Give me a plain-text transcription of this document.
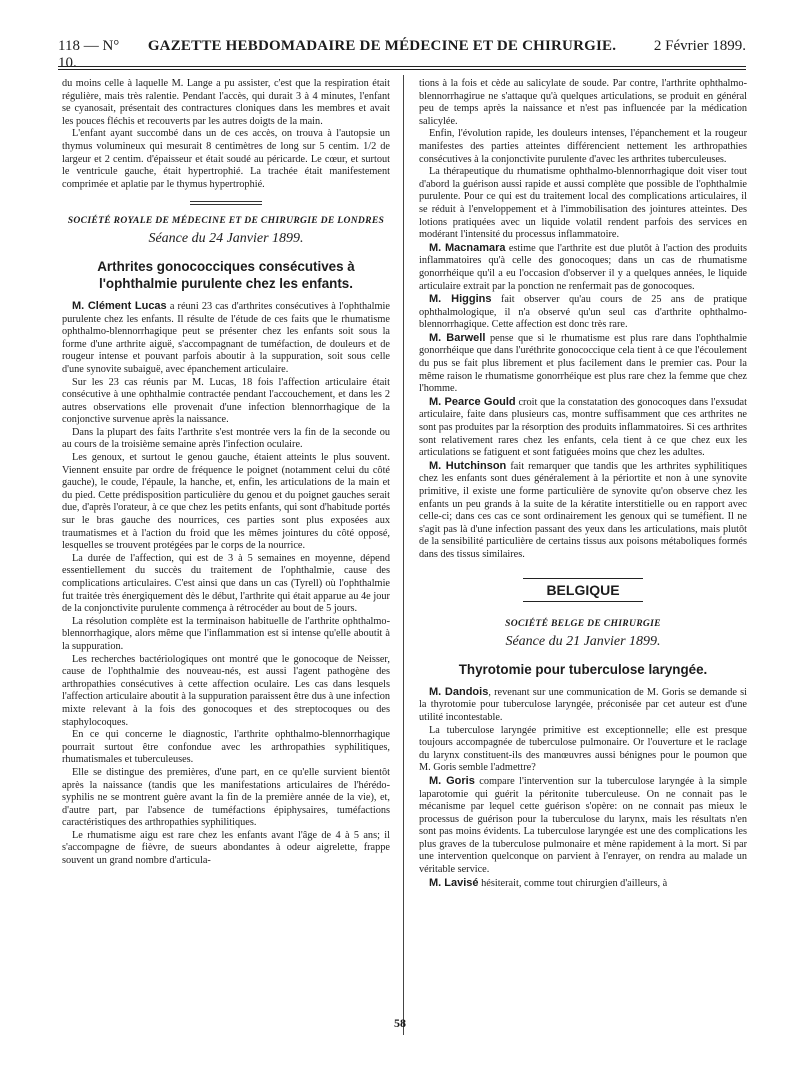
118 — N° 10.
GAZETTE HEBDOMADAIRE DE MÉDECINE ET DE CHIRURGIE.	2 Février 1899.

du moins celle à laquelle M. Lange a pu assister, c'est que la respiration était régulière, mais très ralentie. Pendant l'accès, qui durait 3 à 4 minutes, l'enfant se cyanosait, présentait des contractures cloniques dans les membres et avait les pouces fléchis et recouverts par les autres doigts de la main.

L'enfant ayant succombé dans un de ces accès, on trouva à l'autopsie un thymus volumineux qui mesurait 8 centimètres de long sur 5 centim. 1/2 de largeur et 2 centim. d'épaisseur et était soudé au péricarde. Le cœur, et surtout le ventricule gauche, était hypertrophié. La trachée était manifestement comprimée et aplatie par le thymus hypertrophié.

SOCIÉTÉ ROYALE DE MÉDECINE ET DE CHIRURGIE DE LONDRES
Séance du 24 Janvier 1899.
Arthrites gonococciques consécutives à l'ophthalmie purulente chez les enfants.

M. Clément Lucas a réuni 23 cas d'arthrites consécutives à l'ophthalmie purulente chez les enfants. Il résulte de l'étude de ces faits que le rhumatisme ophthalmo-blennorrhagique peut se présenter chez les enfants soit sous la forme d'une arthrite aiguë, s'accompagnant de tuméfaction, de douleurs et de rougeur intense et pouvant parfois aboutir à la suppuration, soit sous celle d'une synovite subaiguë, avec épanchement articulaire.

Sur les 23 cas réunis par M. Lucas, 18 fois l'affection articulaire était consécutive à une ophthalmie contractée pendant l'accouchement, et dans les 2 autres observations elle provenait d'une infection blennorrhagique de la conjonctive survenue après la naissance.

Dans la plupart des faits l'arthrite s'est montrée vers la fin de la seconde ou au cours de la troisième semaine après l'infection oculaire.

Les genoux, et surtout le genou gauche, étaient atteints le plus souvent. Viennent ensuite par ordre de fréquence le poignet (notamment celui du côté gauche), le coude, l'épaule, la hanche, et, enfin, les articulations de la main et du pied. Cette prédisposition particulière du genou et du poignet gauches serait due, d'après l'orateur, à ce que chez les petits enfants, qui sont d'habitude portés sur le bras gauche des nourrices, ces parties sont plus exposées aux traumatismes et à l'action du froid que les mêmes jointures du côté opposé, lesquelles se trouvent protégées par le corps de la nourrice.

La durée de l'affection, qui est de 3 à 5 semaines en moyenne, dépend essentiellement du succès du traitement de l'ophthalmie, cause des complications articulaires. C'est ainsi que dans un cas (Tyrell) où l'ophthalmie fut traitée très énergiquement dès le début, l'arthrite qui était apparue au 4e jour de la conjonctivite purulente commença à rétrocéder au bout de 5 jours.

La résolution complète est la terminaison habituelle de l'arthrite ophthalmo-blennorrhagique, alors même que l'inflammation est si intense qu'elle aboutit à la suppuration.

Les recherches bactériologiques ont montré que le gonocoque de Neisser, cause de l'ophthalmie des nouveau-nés, est aussi l'agent pathogène des arthropathies consécutives à cette affection oculaire. Les cas dans lesquels l'affection articulaire aboutit à la suppuration paraissent être dus à une infection mixte relevant à la fois des gonocoques et des streptocoques ou des staphylocoques.

En ce qui concerne le diagnostic, l'arthrite ophthalmo-blennorrhagique pourrait surtout être confondue avec les arthropathies syphilitiques, rhumatismales et tuberculeuses.

Elle se distingue des premières, d'une part, en ce qu'elle survient bientôt après la naissance (tandis que les manifestations articulaires de l'hérédo-syphilis ne se montrent guère avant la fin de la première année de la vie), et, d'autre part, par l'absence de tuméfactions épiphysaires, tuméfactions caractéristiques des arthropathies syphilitiques.

Le rhumatisme aigu est rare chez les enfants avant l'âge de 4 à 5 ans; il s'accompagne de fièvre, de sueurs abondantes à odeur aigrelette, frappe souvent un grand nombre d'articula-

tions à la fois et cède au salicylate de soude. Par contre, l'arthrite ophthalmo-blennorrhagirue ne s'attaque qu'à quelques articulations, se produit en général peu de temps après la naissance et n'est pas influencée par la médication salicylée.

Enfin, l'évolution rapide, les douleurs intenses, l'épanchement et la rougeur manifestes des parties atteintes différencient nettement les arthropathies consécutives à la conjonctivite purulente d'avec les arthrites tuberculeuses.

La thérapeutique du rhumatisme ophthalmo-blennorrhagique doit viser tout d'abord la guérison aussi rapide et aussi complète que possible de l'ophthalmie purulente. Pour ce qui est du traitement local des complications articulaires, il se réduit à l'enveloppement et à l'immobilisation des jointures atteintes. Des lotions pratiquées avec un liquide volatil rendent parfois des services en modérant l'intensité du processus inflammatoire.

M. Macnamara estime que l'arthrite est due plutôt à l'action des produits inflammatoires qu'à celle des gonocoques; dans un cas de rhumatisme gonorrhéique qu'il a eu l'occasion d'observer il y a quelques années, le liquide articulaire extrait par la ponction ne renfermait pas de gonocoques.

M. Higgins fait observer qu'au cours de 25 ans de pratique ophthalmologique, il n'a observé qu'un seul cas d'arthrite ophthalmo-blennorrhagique. Cette affection est donc très rare.

M. Barwell pense que si le rhumatisme est plus rare dans l'ophthalmie gonorrhéique que dans l'uréthrite gonococcique cela tient à ce que l'écoulement du pus se fait plus librement et plus facilement dans le premier cas. Pour la même raison le rhumatisme gonorrhéique est plus rare chez la femme que chez l'homme.

M. Pearce Gould croit que la constatation des gonocoques dans l'exsudat articulaire, faite dans plusieurs cas, montre suffisamment que ces arthrites ne sont pas produites par la résorption des produits inflammatoires. Si ces arthrites sont relativement rares chez les enfants, cela tient à ce que chez eux les articulations se fatiguent et sont fatiguées moins que chez les adultes.

M. Hutchinson fait remarquer que tandis que les arthrites syphilitiques chez les enfants sont dues généralement à la périortite et non à une synovite primitive, il existe une forme particulière de synovite qu'on observe chez les enfants un peu grands à la suite de la kératite interstitielle ou en rapport avec celle-ci; dans ces cas ce sont ordinairement les genoux qui se tuméfient. Il ne s'agit pas là d'une infection passant des yeux dans les articulations, mais plutôt de la sensibilité particulière de certains tissus aux poisons métaboliques formés dans des tissus similaires.

BELGIQUE
SOCIÉTÉ BELGE DE CHIRURGIE
Séance du 21 Janvier 1899.
Thyrotomie pour tuberculose laryngée.

M. Dandois, revenant sur une communication de M. Goris se demande si la thyrotomie pour tuberculose laryngée, préconisée par cet auteur est d'une utilité incontestable.

La tuberculose laryngée primitive est exceptionnelle; elle est presque toujours accompagnée de tuberculose pulmonaire. Or l'ouverture et le raclage du larynx constituent-ils des manœuvres aussi bénignes pour le poumon que M. Goris semble l'admettre?

M. Goris compare l'intervention sur la tuberculose laryngée à la simple laparotomie qui guérit la péritonite tuberculeuse. On ne connait pas le mécanisme par lequel cette guérison s'opère: on ne connait pas mieux le processus de guérison pour la tuberculose du larynx, mais les résultats n'en sont pas moins évidents. La tuberculose laryngée est une des complications les plus graves de la tuberculose pulmonaire et mène rapidement à la mort. Si par une intervention quelconque on parvient à l'enrayer, on rendra au malade un véritable service.

M. Lavisé hésiterait, comme tout chirurgien d'ailleurs, à

58
